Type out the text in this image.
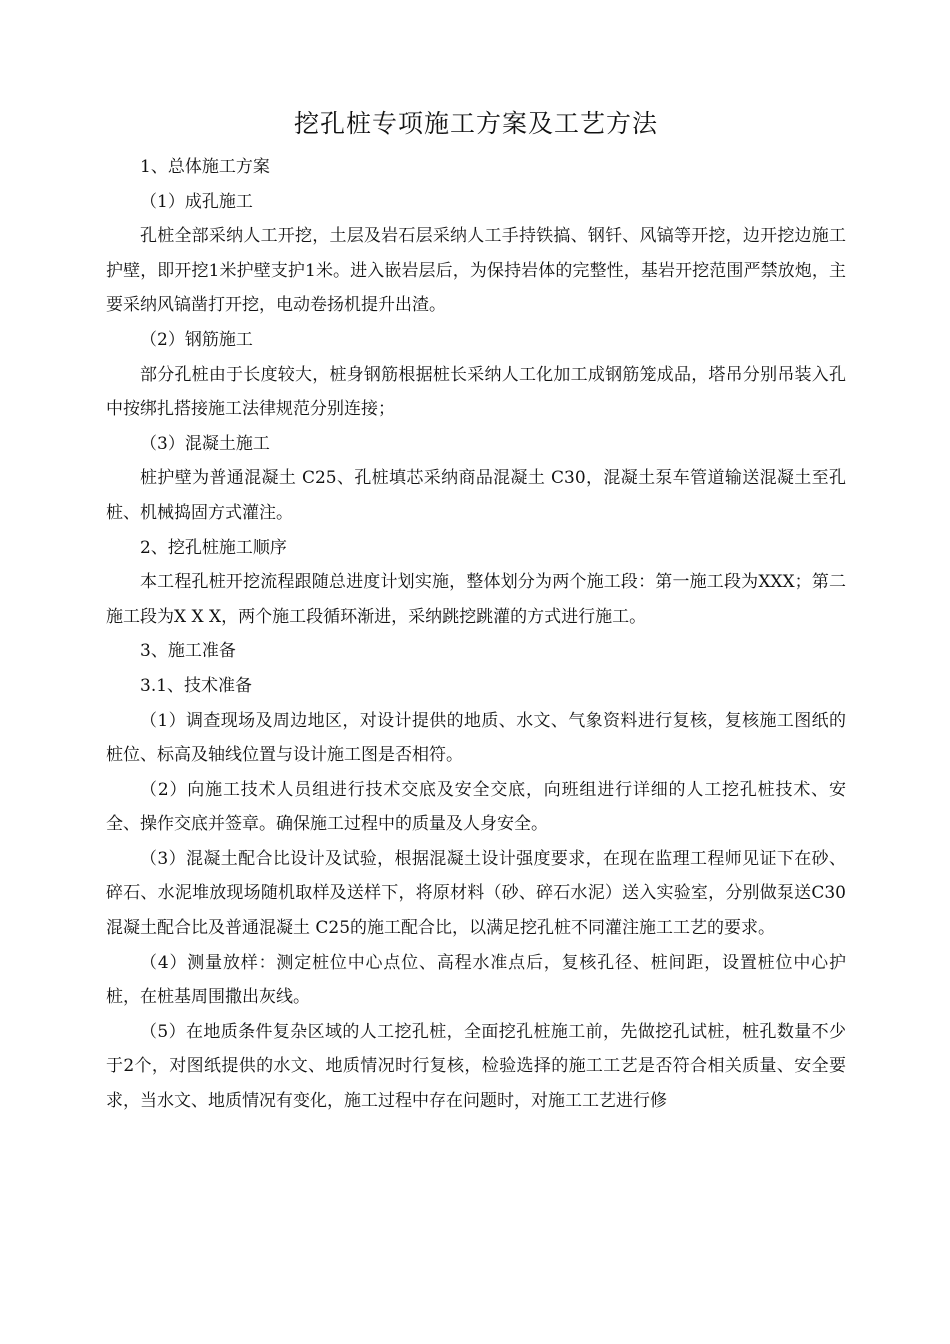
挖孔桩专项施工方案及工艺方法

1、总体施工方案

（1）成孔施工

孔桩全部采纳人工开挖，土层及岩石层采纳人工手持铁搞、钢钎、风镐等开挖，边开挖边施工护壁，即开挖1米护壁支护1米。进入嵌岩层后，为保持岩体的完整性，基岩开挖范围严禁放炮，主要采纳风镐凿打开挖，电动卷扬机提升出渣。

（2）钢筋施工

部分孔桩由于长度较大，桩身钢筋根据桩长采纳人工化加工成钢筋笼成品，塔吊分别吊装入孔中按绑扎搭接施工法律规范分别连接；

（3）混凝土施工

桩护壁为普通混凝土 C25、孔桩填芯采纳商品混凝土 C30，混凝土泵车管道输送混凝土至孔桩、机械捣固方式灌注。

2、挖孔桩施工顺序

本工程孔桩开挖流程跟随总进度计划实施，整体划分为两个施工段：第一施工段为XXX；第二施工段为X X X，两个施工段循环渐进，采纳跳挖跳灌的方式进行施工。

3、施工准备

3.1、技术准备

（1）调查现场及周边地区，对设计提供的地质、水文、气象资料进行复核，复核施工图纸的桩位、标高及轴线位置与设计施工图是否相符。

（2）向施工技术人员组进行技术交底及安全交底，向班组进行详细的人工挖孔桩技术、安全、操作交底并签章。确保施工过程中的质量及人身安全。

（3）混凝土配合比设计及试验，根据混凝土设计强度要求，在现在监理工程师见证下在砂、碎石、水泥堆放现场随机取样及送样下，将原材料（砂、碎石水泥）送入实验室，分别做泵送C30混凝土配合比及普通混凝土 C25的施工配合比，以满足挖孔桩不同灌注施工工艺的要求。

（4）测量放样：测定桩位中心点位、高程水准点后，复核孔径、桩间距，设置桩位中心护桩，在桩基周围撒出灰线。

（5）在地质条件复杂区域的人工挖孔桩，全面挖孔桩施工前，先做挖孔试桩，桩孔数量不少于2个，对图纸提供的水文、地质情况时行复核，检验选择的施工工艺是否符合相关质量、安全要求，当水文、地质情况有变化，施工过程中存在问题时，对施工工艺进行修
